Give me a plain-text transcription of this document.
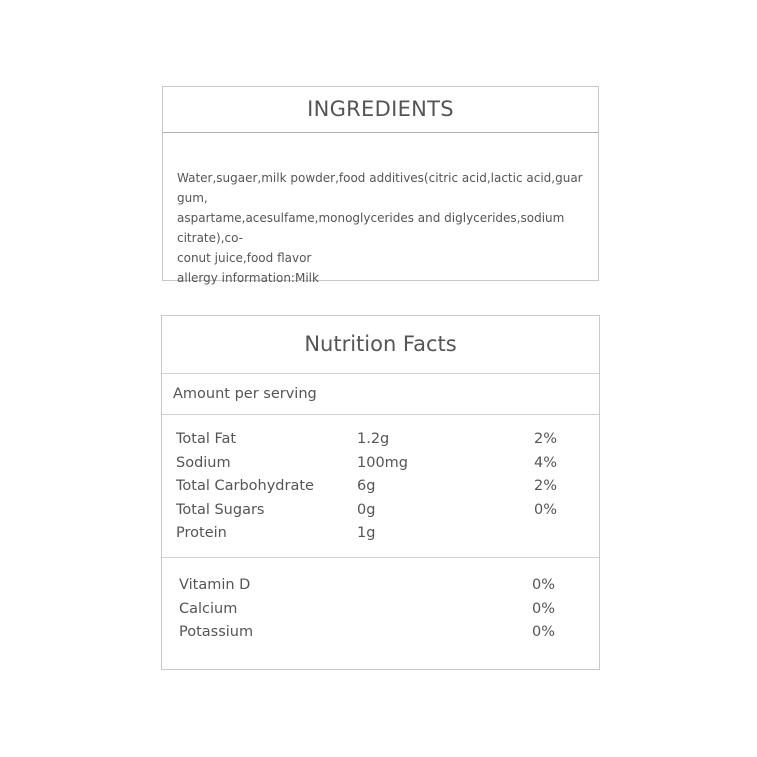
INGREDIENTS

Water,sugaer,milk powder,food additives(citric acid,lactic acid,guar gum,

aspartame,acesulfame,monoglycerides and diglycerides,sodium citrate),co-

conut juice,food flavor

allergy information:Milk

Nutrition Facts
Amount per serving
Total Fat	1.2g	2%
Sodium	100mg	4%
Total Carbohydrate	6g	2%
Total Sugars	0g	0%
Protein	1g
Vitamin D	0%
Calcium	0%
Potassium	0%
